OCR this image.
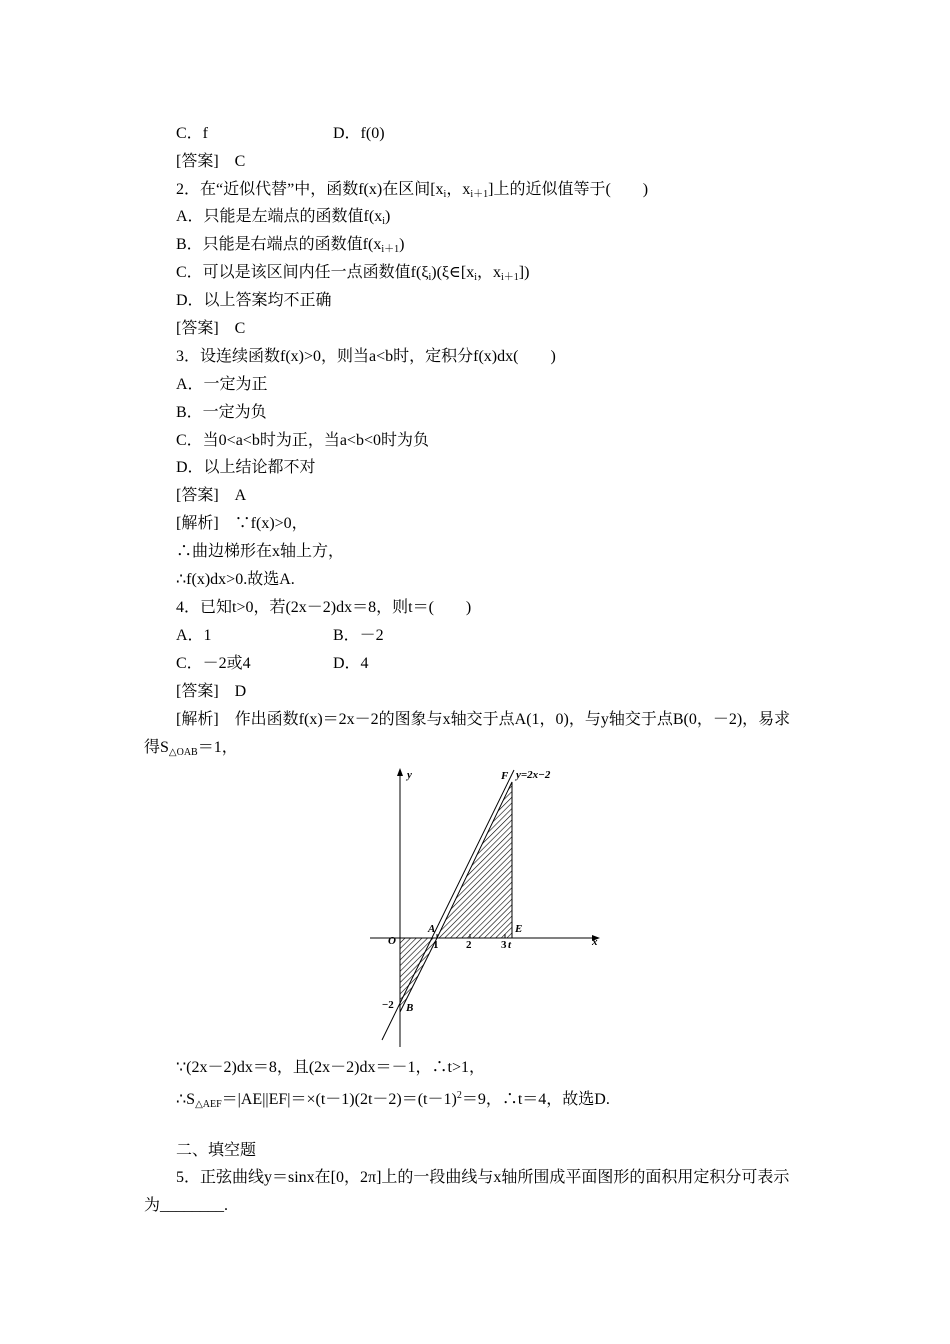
C．f	D．f(0)
[答案]　C
2．在“近似代替”中，函数f(x)在区间[$x_i$，$x_{i+1}$]上的近似值等于(　　)
A．只能是左端点的函数值$f(x_i)$
B．只能是右端点的函数值$f(x_{i+1})$
C．可以是该区间内任一点函数值$f(\xi_i)(\xi\in[x_i$，$x_{i+1}$])
D．以上答案均不正确
[答案]　C
3．设连续函数f(x)>0，则当a<b时，定积分f(x)dx(　　)
A．一定为正
B．一定为负
C．当0<a<b时为正，当a<b<0时为负
D．以上结论都不对
[答案]　A
[解析]　∵f(x)>0，
∴曲边梯形在x轴上方，
∴f(x)dx>0.故选A.
4．已知t>0，若(2x－2)dx＝8，则t＝(　　)
A．1	B．－2
C．－2或4	D．4
[答案]　D
[解析]　作出函数f(x)＝2x－2的图象与x轴交于点A(1，0)，与y轴交于点B(0，－2)，易求
得$S_{\triangle OAB}=1$，
y
x
y=2x−2
F
O
A	E
B
1	2	3 t
−2
∵(2x－2)dx＝8，且(2x－2)dx＝－1，∴t>1，
$\therefore S_{\triangle AEF}=|AE||EF|=\times(t-1)(2t-2)=(t-1)^2=9$，∴t＝4，故选D.
二、填空题
5．正弦曲线y＝sinx在[0，2π]上的一段曲线与x轴所围成平面图形的面积用定积分可表示
为________.
